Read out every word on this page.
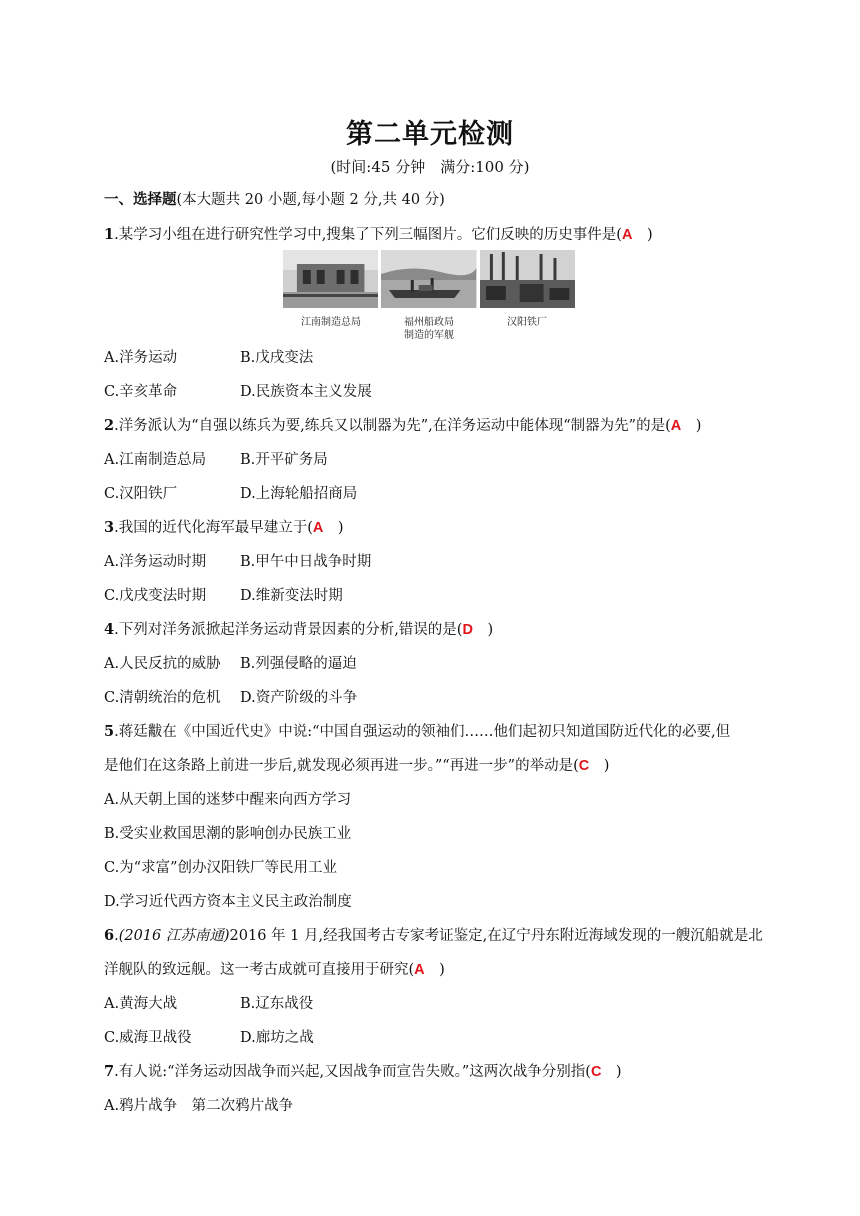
第二单元检测
(时间:45 分钟　满分:100 分)
一、选择题(本大题共 20 小题,每小题 2 分,共 40 分)
1.某学习小组在进行研究性学习中,搜集了下列三幅图片。它们反映的历史事件是(A　)
江南制造总局	福州船政局
制造的军舰
汉阳铁厂
A.洋务运动	B.戊戌变法
C.辛亥革命	D.民族资本主义发展
2.洋务派认为“自强以练兵为要,练兵又以制器为先”,在洋务运动中能体现“制器为先”的是(A　)
A.江南制造总局 B.开平矿务局
C.汉阳铁厂	D.上海轮船招商局
3.我国的近代化海军最早建立于(A　)
A.洋务运动时期 B.甲午中日战争时期
C.戊戌变法时期 D.维新变法时期
4.下列对洋务派掀起洋务运动背景因素的分析,错误的是(D　)
A.人民反抗的威胁 B.列强侵略的逼迫
C.清朝统治的危机 D.资产阶级的斗争
5.蒋廷黻在《中国近代史》中说:“中国自强运动的领袖们……他们起初只知道国防近代化的必要,但
是他们在这条路上前进一步后,就发现必须再进一步。”“再进一步”的举动是(C　)
A.从天朝上国的迷梦中醒来向西方学习
B.受实业救国思潮的影响创办民族工业
C.为“求富”创办汉阳铁厂等民用工业
D.学习近代西方资本主义民主政治制度
6.(2016 江苏南通)2016 年 1 月,经我国考古专家考证鉴定,在辽宁丹东附近海域发现的一艘沉船就是北
洋舰队的致远舰。这一考古成就可直接用于研究(A　)
A.黄海大战	B.辽东战役
C.威海卫战役	D.廊坊之战
7.有人说:“洋务运动因战争而兴起,又因战争而宣告失败。”这两次战争分别指(C　)
A.鸦片战争　第二次鸦片战争
